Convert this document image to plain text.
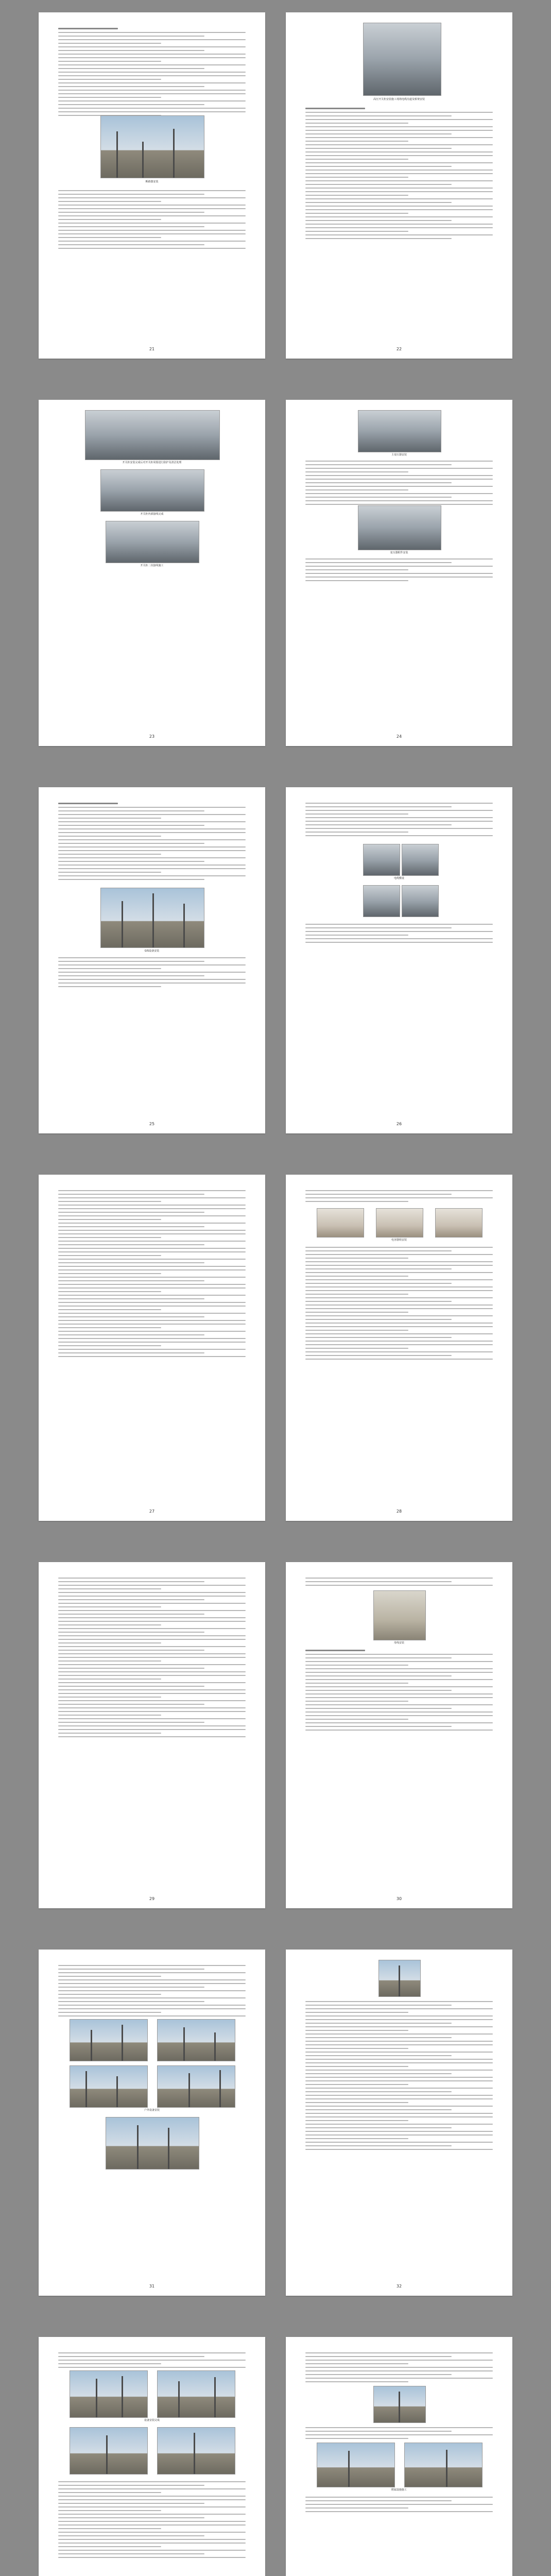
断路器安装
21
高压开关柜安装施工现场电缆沟道及桥架安装
22
开关柜安装完成后对开关柜周围进行防护及清洁处理
开关柜内部接线完成
开关柜二次接线施工
23
主变压器安装
变压器附件安装
24
GIS设备安装
25
电缆敷设
26
27
电容器组安装
28
29
母线安装
30
户外设备安装
31	32
设备安装完成
附属设施施工
